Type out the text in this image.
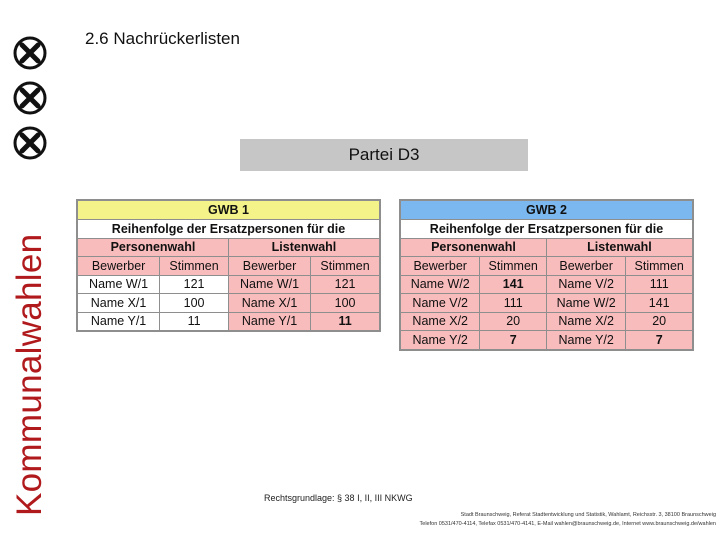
Kommunalwahlen
2.6 Nachrückerlisten
Partei D3
GWB 1			
Reihenfolge der Ersatzpersonen für die			
Personenwahl		Listenwahl	
Bewerber	Stimmen	Bewerber	Stimmen
Name W/1	121	Name W/1	121
Name X/1	100	Name X/1	100
Name Y/1	11	Name Y/1	11
GWB 2			
Reihenfolge der Ersatzpersonen für die			
Personenwahl		Listenwahl	
Bewerber	Stimmen	Bewerber	Stimmen
Name W/2	141	Name V/2	111
Name V/2	111	Name W/2	141
Name X/2	20	Name X/2	20
Name Y/2	7	Name Y/2	7
Rechtsgrundlage: § 38 I, II, III NKWG
Stadt Braunschweig, Referat Stadtentwicklung und Statistik, Wahlamt, Reichsstr. 3, 38100 Braunschweig
Telefon 0531/470-4114, Telefax 0531/470-4141, E-Mail wahlen@braunschweig.de, Internet www.braunschweig.de/wahlen
